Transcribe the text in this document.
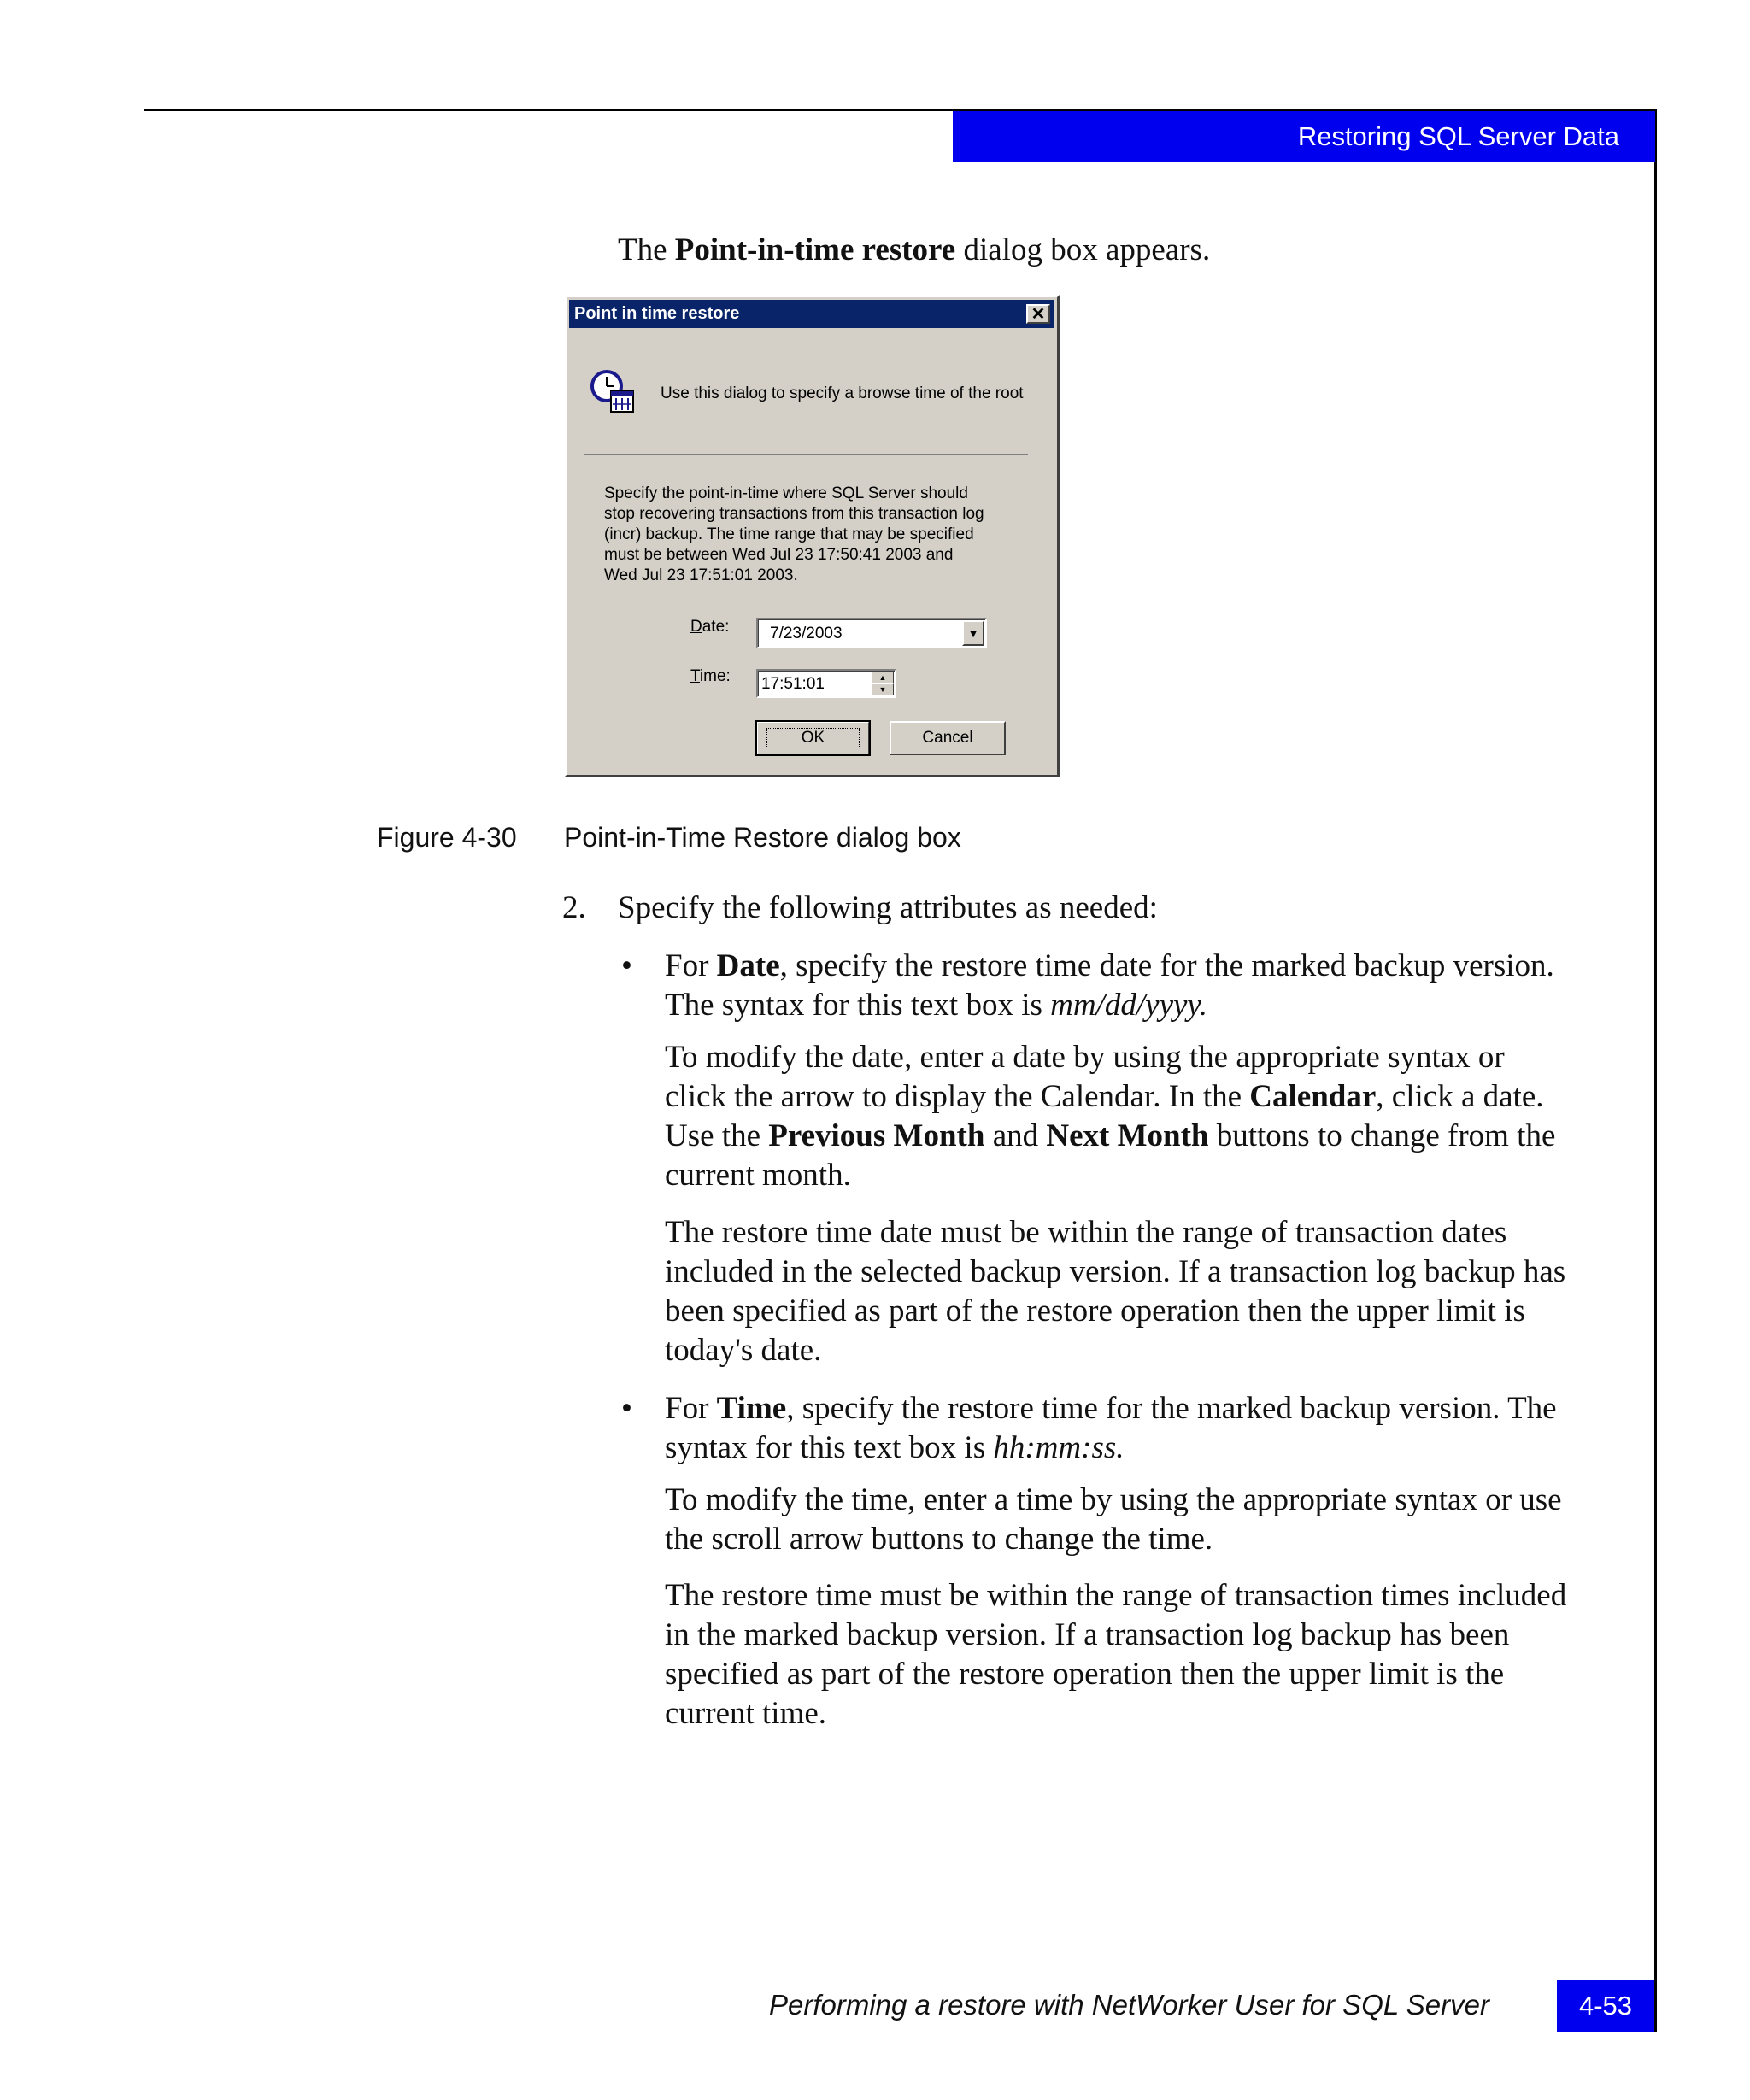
Restoring SQL Server Data
The Point-in-time restore dialog box appears.
Point in time restore	✕
Use this dialog to specify a browse time of the root
Specify the point-in-time where SQL Server should
stop recovering transactions from this transaction log
(incr) backup. The time range that may be specified
must be between Wed Jul 23 17:50:41 2003 and
Wed Jul 23 17:51:01 2003.
Date:	7/23/2003	▼
Time: 17:51:01	▲
▼
OK	Cancel
Figure 4-30 Point-in-Time Restore dialog box
2. Specify the following attributes as needed:
• For Date, specify the restore time date for the marked backup version. The syntax for this text box is mm/dd/yyyy.
To modify the date, enter a date by using the appropriate syntax or click the arrow to display the Calendar. In the Calendar, click a date. Use the Previous Month and Next Month buttons to change from the current month.
The restore time date must be within the range of transaction dates included in the selected backup version. If a transaction log backup has been specified as part of the restore operation then the upper limit is today's date.
• For Time, specify the restore time for the marked backup version. The syntax for this text box is hh:mm:ss.
To modify the time, enter a time by using the appropriate syntax or use the scroll arrow buttons to change the time.
The restore time must be within the range of transaction times included in the marked backup version. If a transaction log backup has been specified as part of the restore operation then the upper limit is the current time.
Performing a restore with NetWorker User for SQL Server	4-53
